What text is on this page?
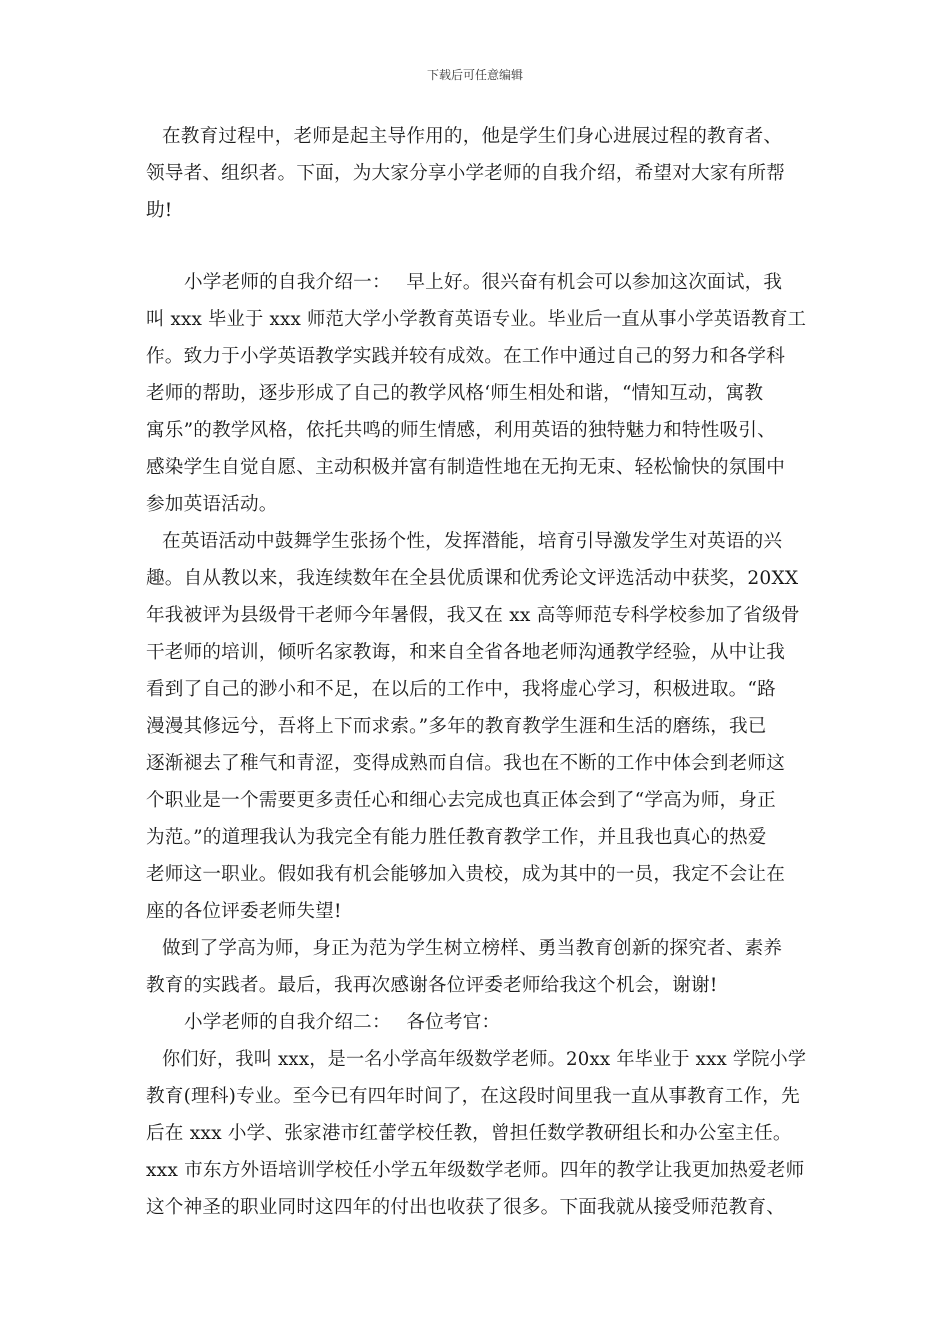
下载后可任意编辑
在教育过程中，老师是起主导作用的，他是学生们身心进展过程的教育者、
领导者、组织者。下面，为大家分享小学老师的自我介绍，希望对大家有所帮
助!
小学老师的自我介绍一：　 早上好。很兴奋有机会可以参加这次面试，我
叫 xxx 毕业于 xxx 师范大学小学教育英语专业。毕业后一直从事小学英语教育工
作。致力于小学英语教学实践并较有成效。在工作中通过自己的努力和各学科
老师的帮助，逐步形成了自己的教学风格‘师生相处和谐，“情知互动，寓教
寓乐”的教学风格，依托共鸣的师生情感，利用英语的独特魅力和特性吸引、
感染学生自觉自愿、主动积极并富有制造性地在无拘无束、轻松愉快的氛围中
参加英语活动。
在英语活动中鼓舞学生张扬个性，发挥潜能，培育引导激发学生对英语的兴
趣。自从教以来，我连续数年在全县优质课和优秀论文评选活动中获奖，20XX
年我被评为县级骨干老师今年暑假，我又在 xx 高等师范专科学校参加了省级骨
干老师的培训，倾听名家教诲，和来自全省各地老师沟通教学经验，从中让我
看到了自己的渺小和不足，在以后的工作中，我将虚心学习，积极进取。“路
漫漫其修远兮，吾将上下而求索。”多年的教育教学生涯和生活的磨练，我已
逐渐褪去了稚气和青涩，变得成熟而自信。我也在不断的工作中体会到老师这
个职业是一个需要更多责任心和细心去完成也真正体会到了“学高为师，身正
为范。”的道理我认为我完全有能力胜任教育教学工作，并且我也真心的热爱
老师这一职业。假如我有机会能够加入贵校，成为其中的一员，我定不会让在
座的各位评委老师失望!
做到了学高为师，身正为范为学生树立榜样、勇当教育创新的探究者、素养
教育的实践者。最后，我再次感谢各位评委老师给我这个机会，谢谢!
小学老师的自我介绍二：　 各位考官：
你们好，我叫 xxx，是一名小学高年级数学老师。20xx 年毕业于 xxx 学院小学
教育(理科)专业。至今已有四年时间了，在这段时间里我一直从事教育工作，先
后在 xxx 小学、张家港市红蕾学校任教，曾担任数学教研组长和办公室主任。
xxx 市东方外语培训学校任小学五年级数学老师。四年的教学让我更加热爱老师
这个神圣的职业同时这四年的付出也收获了很多。下面我就从接受师范教育、
